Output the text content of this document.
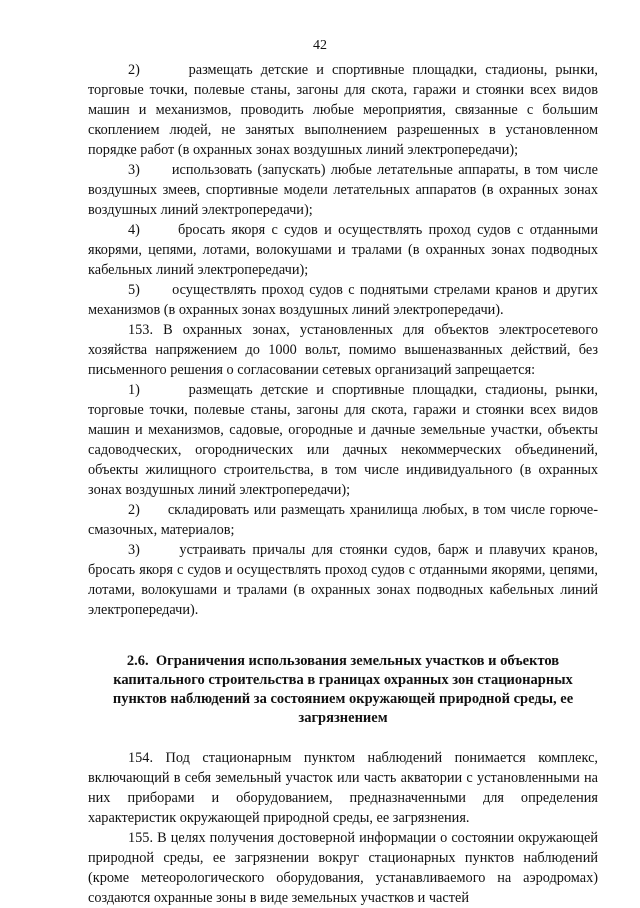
42

2)      размещать детские и спортивные площадки, стадионы, рынки, торговые точки, полевые станы, загоны для скота, гаражи и стоянки всех видов машин и механизмов, проводить любые мероприятия, связанные с большим скоплением людей, не занятых выполнением разрешенных в установленном порядке работ (в охранных зонах воздушных линий электропередачи);

3)      использовать (запускать) любые летательные аппараты, в том числе воздушных змеев, спортивные модели летательных аппаратов (в охранных зонах воздушных линий электропередачи);

4)      бросать якоря с судов и осуществлять проход судов с отданными якорями, цепями, лотами, волокушами и тралами (в охранных зонах подводных кабельных линий электропередачи);

5)      осуществлять проход судов с поднятыми стрелами кранов и других механизмов (в охранных зонах воздушных линий электропередачи).

153. В охранных зонах, установленных для объектов электросетевого хозяйства напряжением до 1000 вольт, помимо вышеназванных действий, без письменного решения о согласовании сетевых организаций запрещается:

1)      размещать детские и спортивные площадки, стадионы, рынки, торговые точки, полевые станы, загоны для скота, гаражи и стоянки всех видов машин и механизмов, садовые, огородные и дачные земельные участки, объекты садоводческих, огороднических или дачных некоммерческих объединений, объекты жилищного строительства, в том числе индивидуального (в охранных зонах воздушных линий электропередачи);

2)      складировать или размещать хранилища любых, в том числе горюче-смазочных, материалов;

3)      устраивать причалы для стоянки судов, барж и плавучих кранов, бросать якоря с судов и осуществлять проход судов с отданными якорями, цепями, лотами, волокушами и тралами (в охранных зонах подводных кабельных линий электропередачи).

2.6.  Ограничения использования земельных участков и объектов капитального строительства в границах охранных зон стационарных пунктов наблюдений за состоянием окружающей природной среды, ее загрязнением

154. Под стационарным пунктом наблюдений понимается комплекс, включающий в себя земельный участок или часть акватории с установленными на них приборами и оборудованием, предназначенными для определения характеристик окружающей природной среды, ее загрязнения.

155. В целях получения достоверной информации о состоянии окружающей природной среды, ее загрязнении вокруг стационарных пунктов наблюдений (кроме метеорологического оборудования, устанавливаемого на аэродромах) создаются охранные зоны в виде земельных участков и частей
